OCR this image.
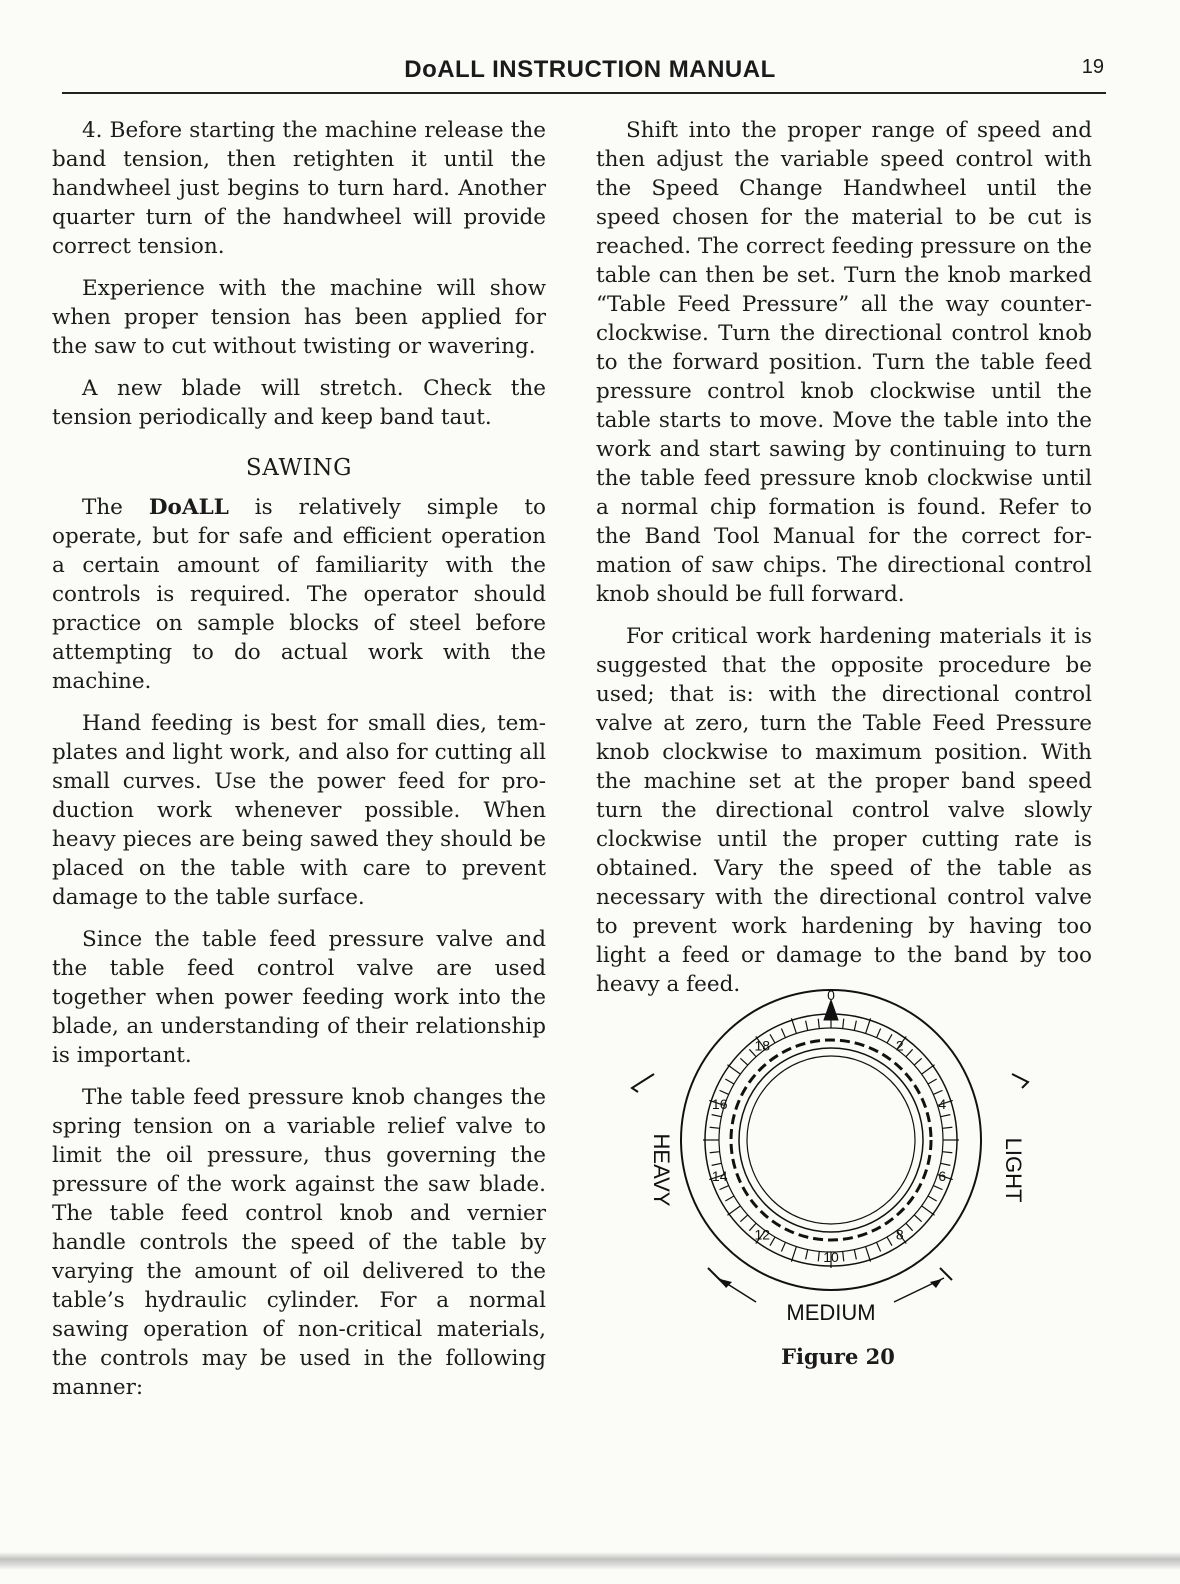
DoALL INSTRUCTION MANUAL	19

4. Before starting the machine release the band tension, then retighten it until the handwheel just begins to turn hard. Another quarter turn of the handwheel will provide correct tension.

Experience with the machine will show when proper tension has been applied for the saw to cut without twisting or wavering.

A new blade will stretch. Check the tension periodically and keep band taut.

SAWING

The DoALL is relatively simple to operate, but for safe and efficient operation a certain amount of familiarity with the controls is required. The operator should practice on sample blocks of steel before attempting to do actual work with the machine.

Hand feeding is best for small dies, templates and light work, and also for cutting all small curves. Use the power feed for production work whenever possible. When heavy pieces are being sawed they should be placed on the table with care to prevent damage to the table surface.

Since the table feed pressure valve and the table feed control valve are used together when power feeding work into the blade, an understanding of their relationship is important.

The table feed pressure knob changes the spring tension on a variable relief valve to limit the oil pressure, thus governing the pressure of the work against the saw blade. The table feed control knob and vernier handle controls the speed of the table by varying the amount of oil delivered to the table’s hydraulic cylinder. For a normal sawing operation of non-critical materials, the controls may be used in the following manner:

Shift into the proper range of speed and then adjust the variable speed control with the Speed Change Handwheel until the speed chosen for the material to be cut is reached. The correct feeding pressure on the table can then be set. Turn the knob marked “Table Feed Pressure” all the way counterclockwise. Turn the directional control knob to the forward position. Turn the table feed pressure control knob clockwise until the table starts to move. Move the table into the work and start sawing by continuing to turn the table feed pressure knob clockwise until a normal chip formation is found. Refer to the Band Tool Manual for the correct formation of saw chips. The directional control knob should be full forward.

For critical work hardening materials it is suggested that the opposite procedure be used; that is: with the directional control valve at zero, turn the Table Feed Pressure knob clockwise to maximum position. With the machine set at the proper band speed turn the directional control valve slowly clockwise until the proper cutting rate is obtained. Vary the speed of the table as necessary with the directional control valve to prevent work hardening by having too light a feed or damage to the band by too heavy a feed.	0
2
4
6
8
10
12
14
16
18
HEAVY	LIGHT
MEDIUM
Figure 20
